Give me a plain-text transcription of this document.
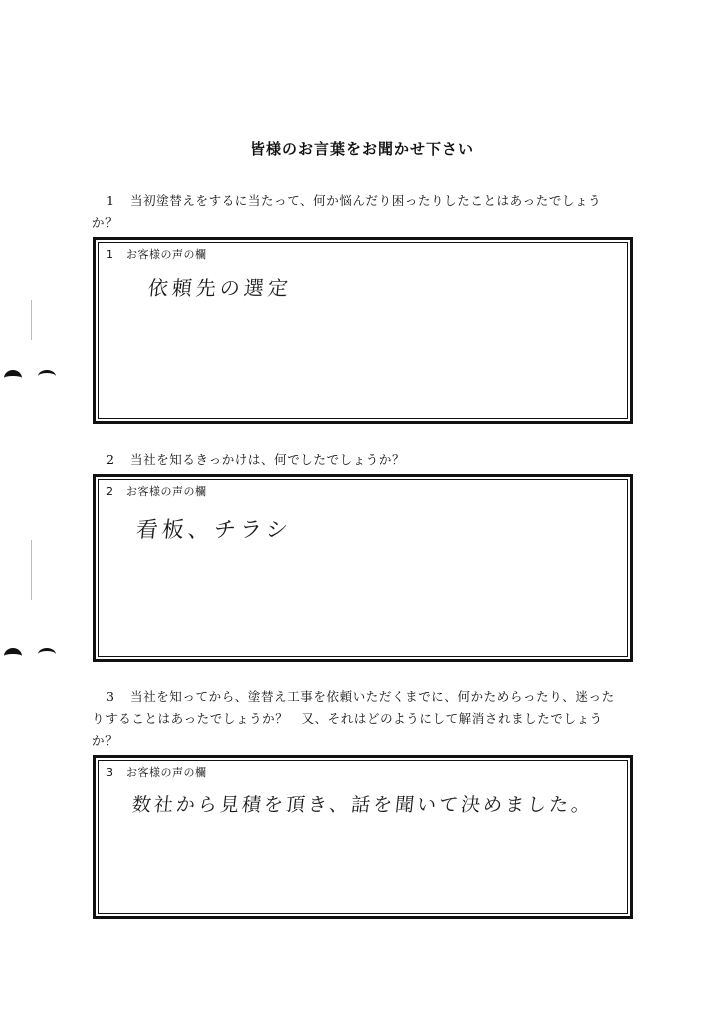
皆様のお言葉をお聞かせ下さい
1 当初塗替えをするに当たって、何か悩んだり困ったりしたことはあったでしょう
か？
1 お客様の声の欄
依頼先の選定
2 当社を知るきっかけは、何でしたでしょうか？
2 お客様の声の欄
看板、チラシ
3 当社を知ってから、塗替え工事を依頼いただくまでに、何かためらったり、迷った
りすることはあったでしょうか？　又、それはどのようにして解消されましたでしょう
か？
3 お客様の声の欄
数社から見積を頂き、話を聞いて決めました。
